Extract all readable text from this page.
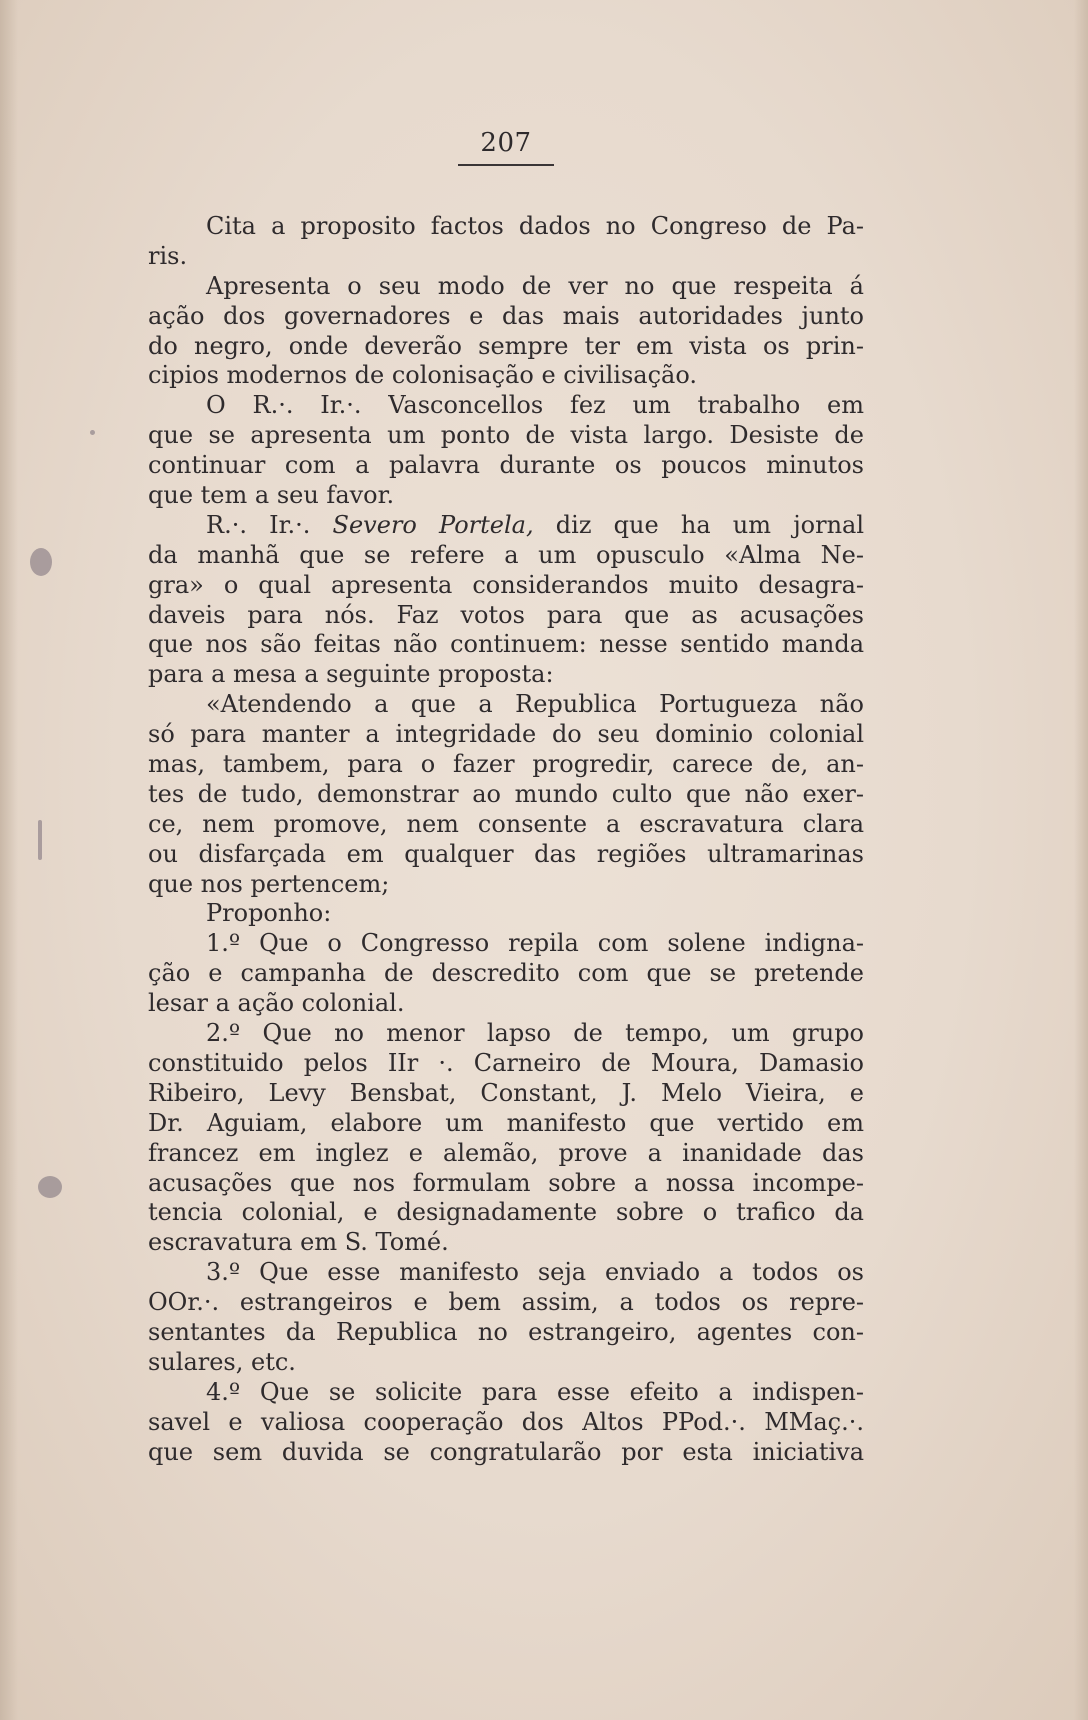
207
Cita a proposito factos dados no Congreso de Pa-
ris.
Apresenta o seu modo de ver no que respeita á
ação dos governadores e das mais autoridades junto
do negro, onde deverão sempre ter em vista os prin-
cipios modernos de colonisação e civilisação.
O R.·. Ir.·. Vasconcellos fez um trabalho em
que se apresenta um ponto de vista largo. Desiste de
continuar com a palavra durante os poucos minutos
que tem a seu favor.
R.·. Ir.·. Severo Portela, diz que ha um jornal
da manhã que se refere a um opusculo «Alma Ne-
gra» o qual apresenta considerandos muito desagra-
daveis para nós. Faz votos para que as acusações
que nos são feitas não continuem: nesse sentido manda
para a mesa a seguinte proposta:
«Atendendo a que a Republica Portugueza não
só para manter a integridade do seu dominio colonial
mas, tambem, para o fazer progredir, carece de, an-
tes de tudo, demonstrar ao mundo culto que não exer-
ce, nem promove, nem consente a escravatura clara
ou disfarçada em qualquer das regiões ultramarinas
que nos pertencem;
Proponho:
1.º Que o Congresso repila com solene indigna-
ção e campanha de descredito com que se pretende
lesar a ação colonial.
2.º Que no menor lapso de tempo, um grupo
constituido pelos IIr ·. Carneiro de Moura, Damasio
Ribeiro, Levy Bensbat, Constant, J. Melo Vieira, e
Dr. Aguiam, elabore um manifesto que vertido em
francez em inglez e alemão, prove a inanidade das
acusações que nos formulam sobre a nossa incompe-
tencia colonial, e designadamente sobre o trafico da
escravatura em S. Tomé.
3.º Que esse manifesto seja enviado a todos os
OOr.·. estrangeiros e bem assim, a todos os repre-
sentantes da Republica no estrangeiro, agentes con-
sulares, etc.
4.º Que se solicite para esse efeito a indispen-
savel e valiosa cooperação dos Altos PPod.·. MMaç.·.
que sem duvida se congratularão por esta iniciativa
